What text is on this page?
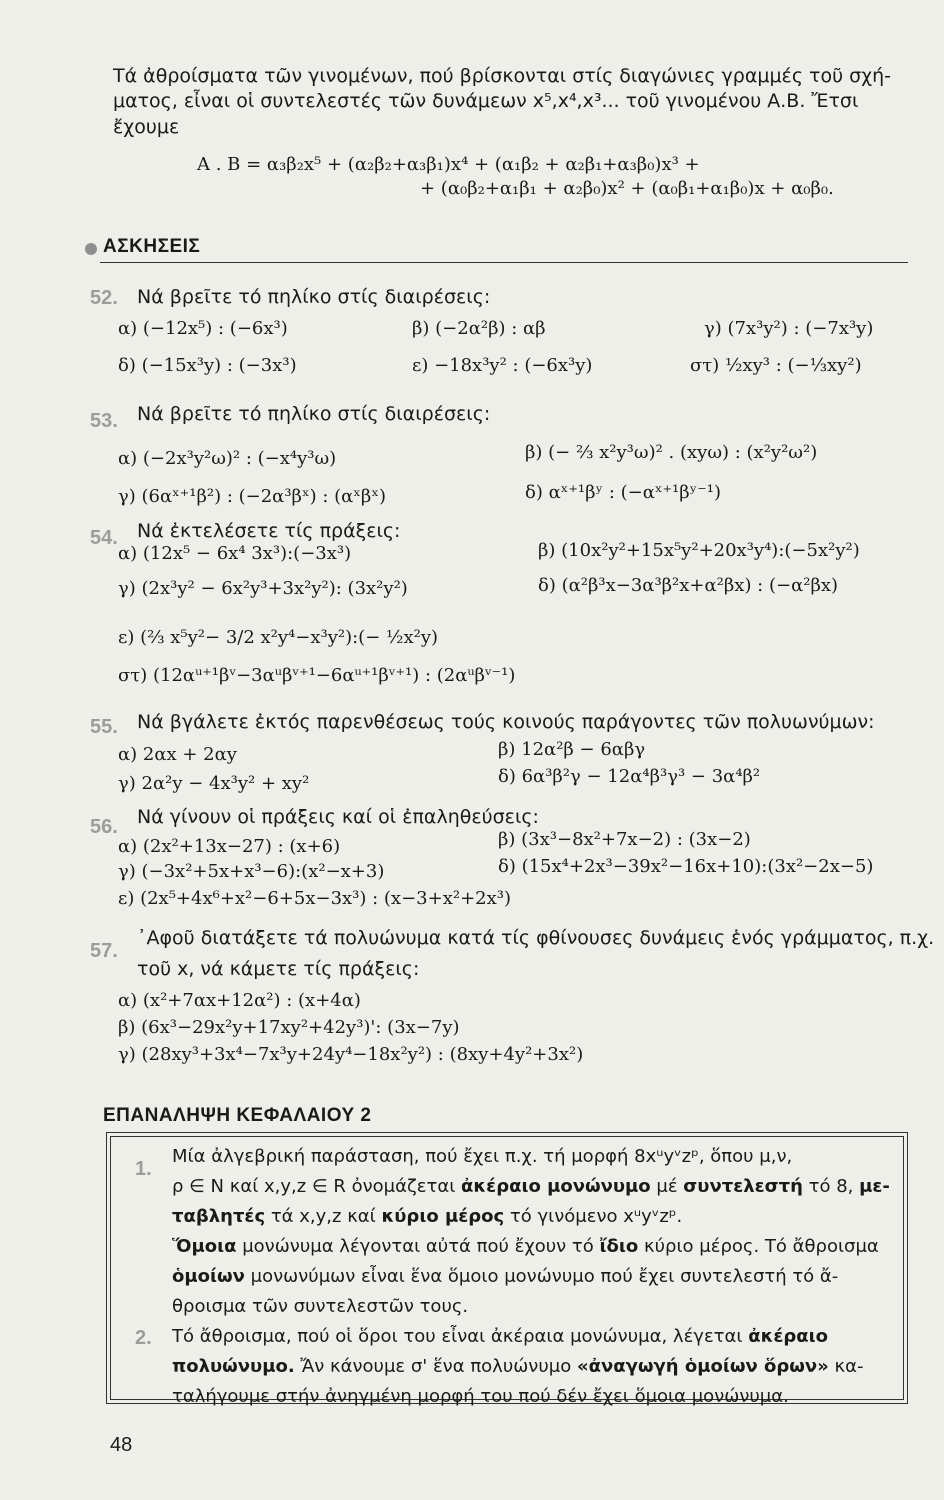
Τά ἀθροίσματα τῶν γινομένων, πού βρίσκονται στίς διαγώνιες γραμμές τοῦ σχή-
ματος, εἶναι οἱ συντελεστές τῶν δυνάμεων x⁵,x⁴,x³... τοῦ γινομένου Α.Β. Ἔτσι
ἔχουμε
Α . Β = α₃β₂x⁵ + (α₂β₂+α₃β₁)x⁴ + (α₁β₂ + α₂β₁+α₃β₀)x³ +
+ (α₀β₂+α₁β₁ + α₂β₀)x² + (α₀β₁+α₁β₀)x + α₀β₀.
ΑΣΚΗΣΕΙΣ
52. Νά βρεῖτε τό πηλίκο στίς διαιρέσεις:
α) (−12x⁵) : (−6x³)	β) (−2α²β) : αβ	γ) (7x³y²) : (−7x³y)
δ) (−15x³y) : (−3x³)	ε) −18x³y² : (−6x³y)	στ) ½xy³ : (−⅓xy²)
53. Νά βρεῖτε τό πηλίκο στίς διαιρέσεις:
α) (−2x³y²ω)² : (−x⁴y³ω)	β) (− ⅔ x²y³ω)² . (xyω) : (x²y²ω²)
γ) (6αˣ⁺¹β²) : (−2α³βˣ) : (αˣβˣ)	δ) αˣ⁺¹βʸ : (−αˣ⁺¹βʸ⁻¹)
54. Νά ἐκτελέσετε τίς πράξεις:
α) (12x⁵ − 6x⁴ 3x³):(−3x³)	β) (10x²y²+15x⁵y²+20x³y⁴):(−5x²y²)
γ) (2x³y² − 6x²y³+3x²y²): (3x²y²)	δ) (α²β³x−3α³β²x+α²βx) : (−α²βx)
ε) (⅔ x⁵y²− 3/2 x²y⁴−x³y²):(− ½x²y)
στ) (12αᵘ⁺¹βᵛ−3αᵘβᵛ⁺¹−6αᵘ⁺¹βᵛ⁺¹) : (2αᵘβᵛ⁻¹)
55. Νά βγάλετε ἐκτός παρενθέσεως τούς κοινούς παράγοντες τῶν πολυωνύμων:
α) 2αx + 2αy	β) 12α²β − 6αβγ
γ) 2α²y − 4x³y² + xy²	δ) 6α³β²γ − 12α⁴β³γ³ − 3α⁴β²
56. Νά γίνουν οἱ πράξεις καί οἱ ἐπαληθεύσεις:
α) (2x²+13x−27) : (x+6)	β) (3x³−8x²+7x−2) : (3x−2)
γ) (−3x²+5x+x³−6):(x²−x+3)	δ) (15x⁴+2x³−39x²−16x+10):(3x²−2x−5)
ε) (2x⁵+4x⁶+x²−6+5x−3x³) : (x−3+x²+2x³)
57.
᾿Αφοῦ διατάξετε τά πολυώνυμα κατά τίς φθίνουσες δυνάμεις ἑνός γράμματος, π.χ.
τοῦ x, νά κάμετε τίς πράξεις:
α) (x²+7αx+12α²) : (x+4α)
β) (6x³−29x²y+17xy²+42y³)': (3x−7y)
γ) (28xy³+3x⁴−7x³y+24y⁴−18x²y²) : (8xy+4y²+3x²)
ΕΠΑΝΑΛΗΨΗ ΚΕΦΑΛΑΙΟΥ 2
1.
Μία ἀλγεβρική παράσταση, πού ἔχει π.χ. τή μορφή 8xᵘyᵛzᵖ, ὅπου μ,ν,
ρ ∈ N καί x,y,z ∈ R ὀνομάζεται ἀκέραιο μονώνυμο μέ συντελεστή τό 8, με-
ταβλητές τά x,y,z καί κύριο μέρος τό γινόμενο xᵘyᵛzᵖ.
Ὅμοια μονώνυμα λέγονται αὐτά πού ἔχουν τό ἴδιο κύριο μέρος. Τό ἄθροισμα
ὁμοίων μονωνύμων εἶναι ἕνα ὅμοιο μονώνυμο πού ἔχει συντελεστή τό ἄ-
θροισμα τῶν συντελεστῶν τους.
2. Τό ἄθροισμα, πού οἱ ὅροι του εἶναι ἀκέραια μονώνυμα, λέγεται ἀκέραιο
πολυώνυμο. Ἄν κάνουμε σ' ἕνα πολυώνυμο «ἀναγωγή ὁμοίων ὅρων» κα-
ταλήγουμε στήν ἀνηγμένη μορφή του πού δέν ἔχει ὅμοια μονώνυμα.
48
